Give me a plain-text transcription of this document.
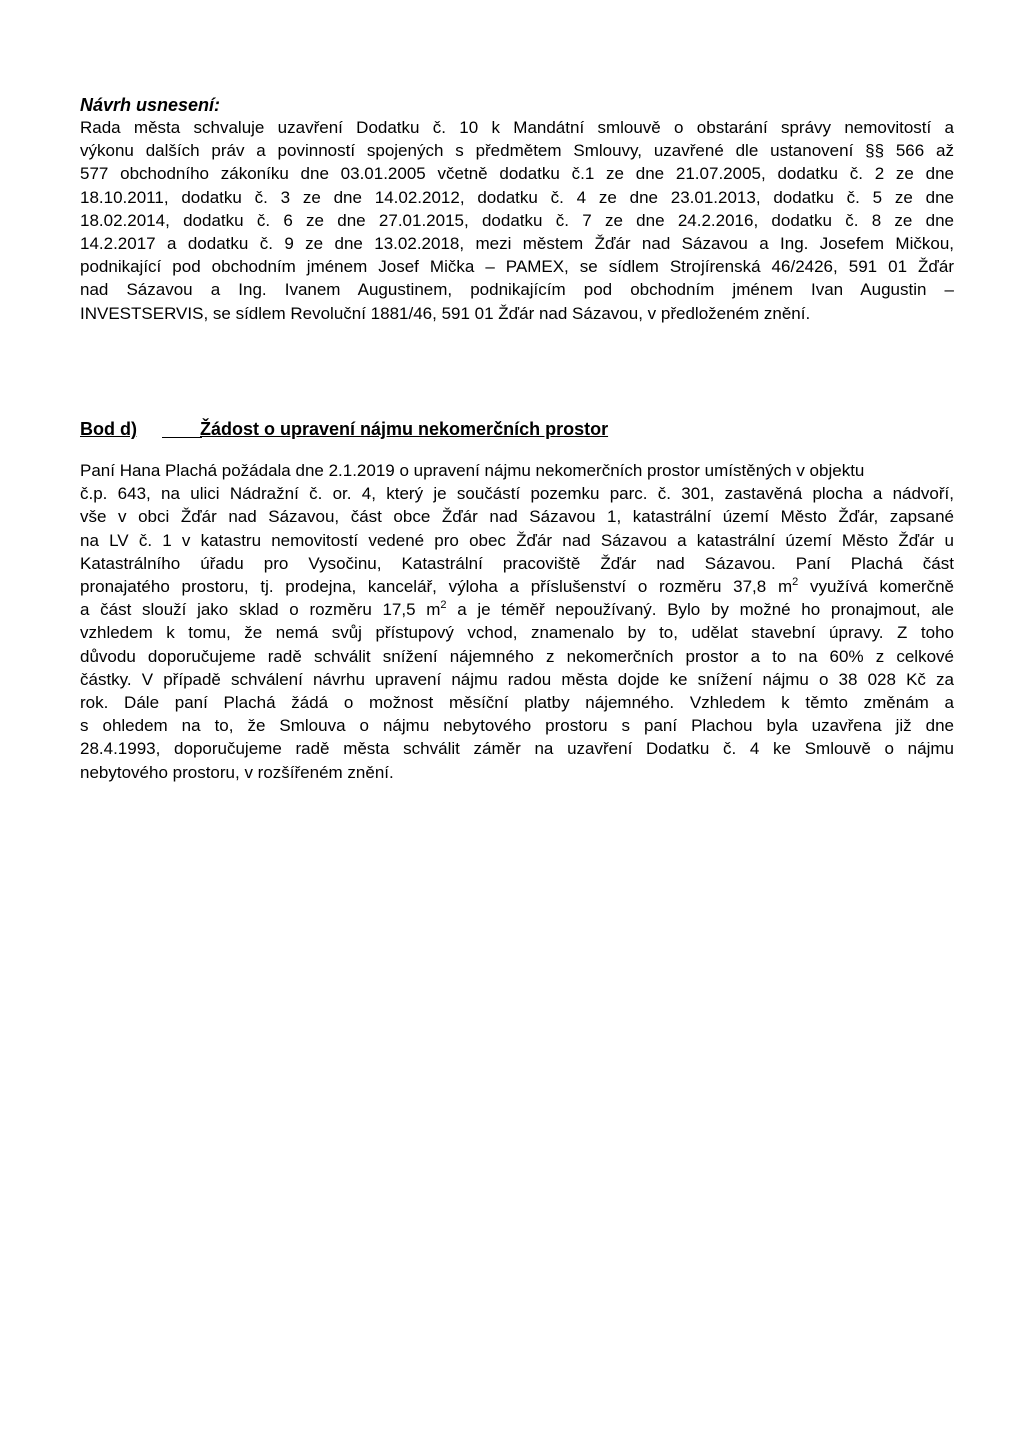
Návrh usnesení:
Rada města schvaluje uzavření Dodatku č. 10 k Mandátní smlouvě o obstarání správy nemovitostí a
výkonu dalších práv a povinností spojených s předmětem Smlouvy, uzavřené dle ustanovení §§ 566 až
577 obchodního zákoníku dne 03.01.2005 včetně dodatku č.1 ze dne 21.07.2005, dodatku č. 2 ze dne
18.10.2011, dodatku č. 3 ze dne 14.02.2012, dodatku č. 4 ze dne 23.01.2013, dodatku č. 5 ze dne
18.02.2014, dodatku č. 6 ze dne 27.01.2015, dodatku č. 7 ze dne 24.2.2016, dodatku č. 8 ze dne
14.2.2017 a dodatku č. 9 ze dne 13.02.2018, mezi městem Žďár nad Sázavou a Ing. Josefem Mičkou,
podnikající pod obchodním jménem Josef Mička – PAMEX, se sídlem Strojírenská 46/2426, 591 01 Žďár
nad Sázavou a Ing. Ivanem Augustinem, podnikajícím pod obchodním jménem Ivan Augustin –
INVESTSERVIS, se sídlem Revoluční 1881/46, 591 01 Žďár nad Sázavou, v předloženém znění.
Bod d)	Žádost o upravení nájmu nekomerčních prostor
Paní Hana Plachá požádala dne 2.1.2019 o upravení nájmu nekomerčních prostor umístěných v objektu
č.p. 643, na ulici Nádražní č. or. 4, který je součástí pozemku parc. č. 301, zastavěná plocha a nádvoří,
vše v obci Žďár nad Sázavou, část obce Žďár nad Sázavou 1, katastrální území Město Žďár, zapsané
na LV č. 1 v katastru nemovitostí vedené pro obec Žďár nad Sázavou a katastrální území Město Žďár u
Katastrálního úřadu pro Vysočinu, Katastrální pracoviště Žďár nad Sázavou. Paní Plachá část
pronajatého prostoru, tj. prodejna, kancelář, výloha a příslušenství o rozměru 37,8 $m^2$ využívá komerčně
a část slouží jako sklad o rozměru 17,5 $m^2$ a je téměř nepoužívaný. Bylo by možné ho pronajmout, ale
vzhledem k tomu, že nemá svůj přístupový vchod, znamenalo by to, udělat stavební úpravy. Z toho
důvodu doporučujeme radě schválit snížení nájemného z nekomerčních prostor a to na 60% z celkové
částky. V případě schválení návrhu upravení nájmu radou města dojde ke snížení nájmu o 38 028 Kč za
rok. Dále paní Plachá žádá o možnost měsíční platby nájemného. Vzhledem k těmto změnám a
s ohledem na to, že Smlouva o nájmu nebytového prostoru s paní Plachou byla uzavřena již dne
28.4.1993, doporučujeme radě města schválit záměr na uzavření Dodatku č. 4 ke Smlouvě o nájmu
nebytového prostoru, v rozšířeném znění.
